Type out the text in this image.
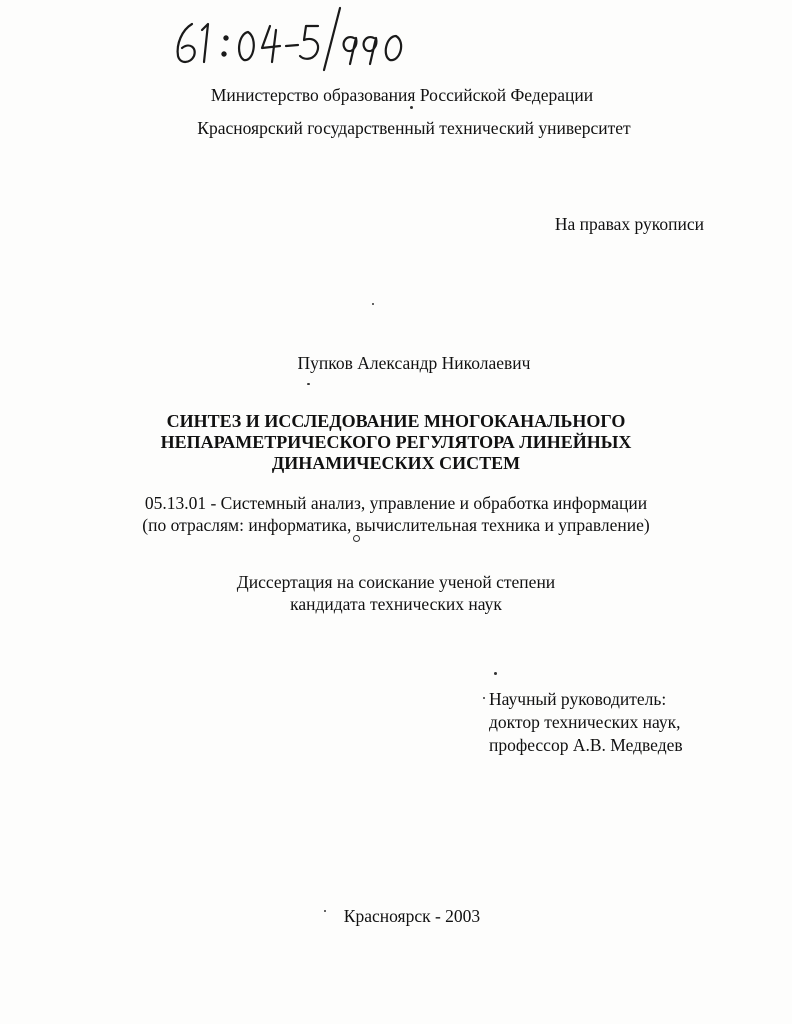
Министерство образования Российской Федерации
Красноярский государственный технический университет
На правах рукописи
Пупков Александр Николаевич
СИНТЕЗ И ИССЛЕДОВАНИЕ МНОГОКАНАЛЬНОГО
НЕПАРАМЕТРИЧЕСКОГО РЕГУЛЯТОРА ЛИНЕЙНЫХ
ДИНАМИЧЕСКИХ СИСТЕМ
05.13.01 - Системный анализ, управление и обработка информации
(по отраслям: информатика, вычислительная техника и управление)
Диссертация на соискание ученой степени
кандидата технических наук
Научный руководитель:
доктор технических наук,
профессор А.В. Медведев
Красноярск - 2003
